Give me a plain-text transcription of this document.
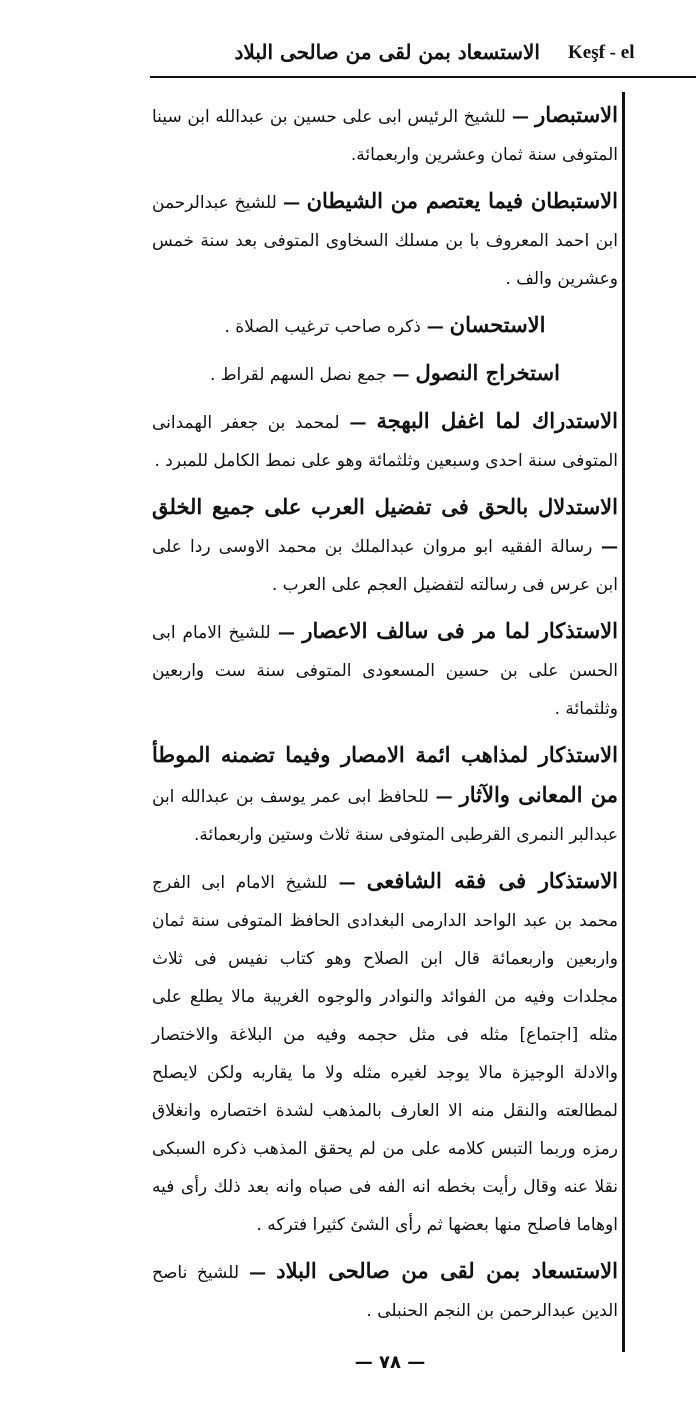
الاستسعاد بمن لقى من صالحى البلاد Keşf - el

الاستبصار — للشيخ الرئيس ابى على حسين بن عبدالله ابن سينا المتوفى سنة ثمان وعشرين واربعمائة.

الاستبطان فيما يعتصم من الشيطان — للشيخ عبدالرحمن ابن احمد المعروف با بن مسلك السخاوى المتوفى بعد سنة خمس وعشرين والف .

الاستحسان — ذكره صاحب ترغيب الصلاة .

استخراج النصول — جمع نصل السهم لقراط .

الاستدراك لما اغفل البهجة — لمحمد بن جعفر الهمدانى المتوفى سنة احدى وسبعين وثلثمائة وهو على نمط الكامل للمبرد .

الاستدلال بالحق فى تفضيل العرب على جميع الخلق — رسالة الفقيه ابو مروان عبدالملك بن محمد الاوسى ردا على ابن عرس فى رسالته لتفضيل العجم على العرب .

الاستذكار لما مر فى سالف الاعصار — للشيخ الامام ابى الحسن على بن حسين المسعودى المتوفى سنة ست واربعين وثلثمائة .

الاستذكار لمذاهب ائمة الامصار وفيما تضمنه الموطأ من المعانى والآثار — للحافظ ابى عمر يوسف بن عبدالله ابن عبدالبر النمرى القرطبى المتوفى سنة ثلاث وستين واربعمائة.

الاستذكار فى فقه الشافعى — للشيخ الامام ابى الفرج محمد بن عبد الواحد الدارمى البغدادى الحافظ المتوفى سنة ثمان واربعين واربعمائة قال ابن الصلاح وهو كتاب نفيس فى ثلاث مجلدات وفيه من الفوائد والنوادر والوجوه الغريبة مالا يطلع على مثله [اجتماع] مثله فى مثل حجمه وفيه من البلاغة والاختصار والادلة الوجيزة مالا يوجد لغيره مثله ولا ما يقاربه ولكن لايصلح لمطالعته والنقل منه الا العارف بالمذهب لشدة اختصاره وانغلاق رمزه وربما التبس كلامه على من لم يحقق المذهب ذكره السبكى نقلا عنه وقال رأيت بخطه انه الفه فى صباه وانه بعد ذلك رأى فيه اوهاما فاصلح منها بعضها ثم رأى الشئ كثيرا فتركه .

الاستسعاد بمن لقى من صالحى البلاد — للشيخ ناصح الدين عبدالرحمن بن النجم الحنبلى .

— ٧٨ —
